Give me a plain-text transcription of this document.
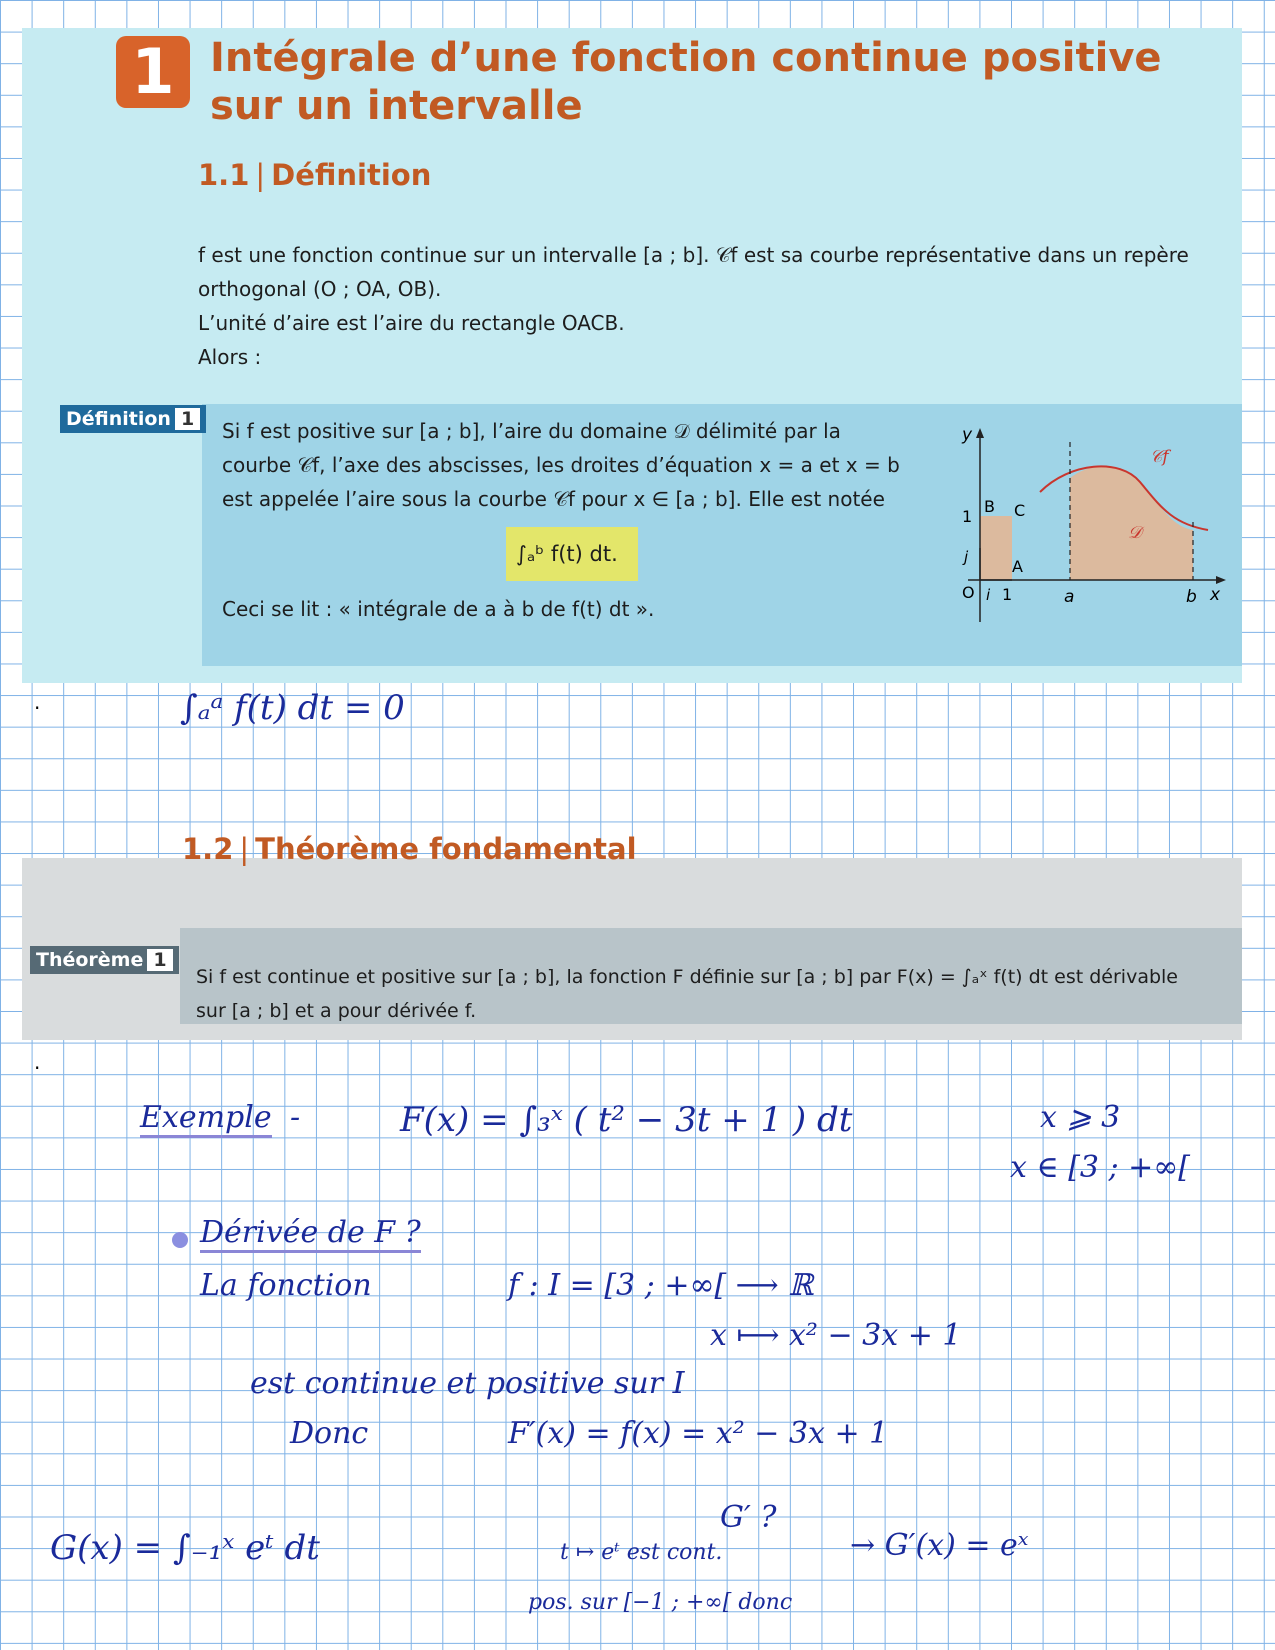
1 Intégrale d’une fonction continue positive
sur un intervalle
1.1 | Définition
f est une fonction continue sur un intervalle [a ; b]. 𝒞f est sa courbe représentative dans un repère
orthogonal (O ; OA, OB).
L’unité d’aire est l’aire du rectangle OACB.
Alors :
Définition 1	Si f est positive sur [a ; b], l’aire du domaine 𝒟 délimité par la
courbe 𝒞f, l’axe des abscisses, les droites d’équation x = a et x = b
est appelée l’aire sous la courbe 𝒞f pour x ∈ [a ; b]. Elle est notée
∫ₐᵇ f(t) dt.
Ceci se lit : « intégrale de a à b de f(t) dt ».
y
x
𝒞f
𝒟
1
B C
A
O i
j
1	a	b
∫ₐᵃ f(t) dt = 0
1.2 | Théorème fondamental
Théorème 1
Si f est continue et positive sur [a ; b], la fonction F définie sur [a ; b] par F(x) = ∫ₐˣ f(t) dt est dérivable
sur [a ; b] et a pour dérivée f.
.
.
Exemple -	F(x) = ∫₃ˣ ( t² − 3t + 1 ) dt	x ⩾ 3
x ∈ [3 ; +∞[
Dérivée de F ?
La fonction	f : I = [3 ; +∞[ ⟶ ℝ
x ⟼ x² − 3x + 1
est continue et positive sur I
Donc	F′(x) = f(x) = x² − 3x + 1
G(x) = ∫₋₁ˣ eᵗ dt
G′ ?
t ↦ eᵗ est cont.
pos. sur [−1 ; +∞[ donc
→ G′(x) = eˣ
